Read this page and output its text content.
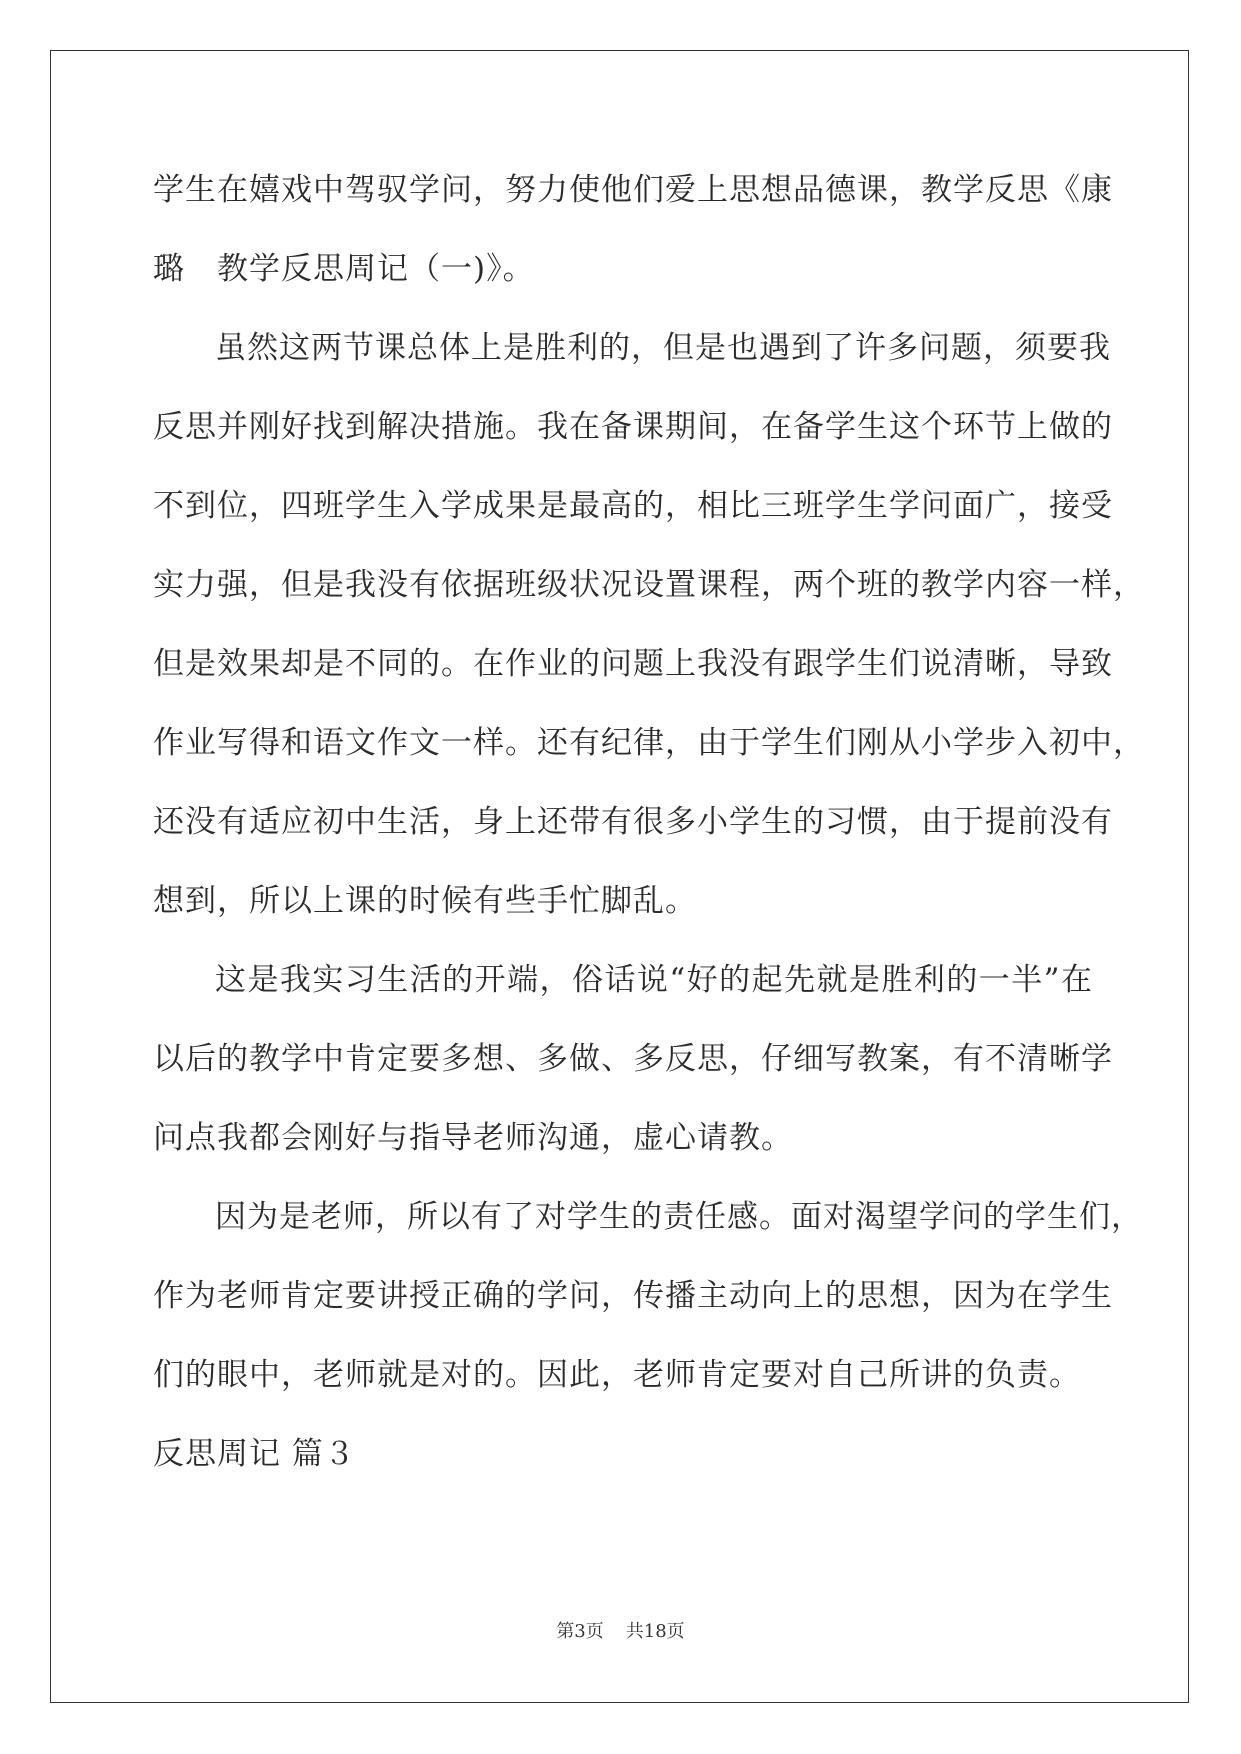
学生在嬉戏中驾驭学问，努力使他们爱上思想品德课，教学反思《康
璐　教学反思周记（一)》。
虽然这两节课总体上是胜利的，但是也遇到了许多问题，须要我
反思并刚好找到解决措施。我在备课期间，在备学生这个环节上做的
不到位，四班学生入学成果是最高的，相比三班学生学问面广，接受
实力强，但是我没有依据班级状况设置课程，两个班的教学内容一样，
但是效果却是不同的。在作业的问题上我没有跟学生们说清晰，导致
作业写得和语文作文一样。还有纪律，由于学生们刚从小学步入初中，
还没有适应初中生活，身上还带有很多小学生的习惯，由于提前没有
想到，所以上课的时候有些手忙脚乱。
这是我实习生活的开端，俗话说“好的起先就是胜利的一半”在
以后的教学中肯定要多想、多做、多反思，仔细写教案，有不清晰学
问点我都会刚好与指导老师沟通，虚心请教。
因为是老师，所以有了对学生的责任感。面对渴望学问的学生们，
作为老师肯定要讲授正确的学问，传播主动向上的思想，因为在学生
们的眼中，老师就是对的。因此，老师肯定要对自己所讲的负责。
反思周记 篇３
第3页 共18页
